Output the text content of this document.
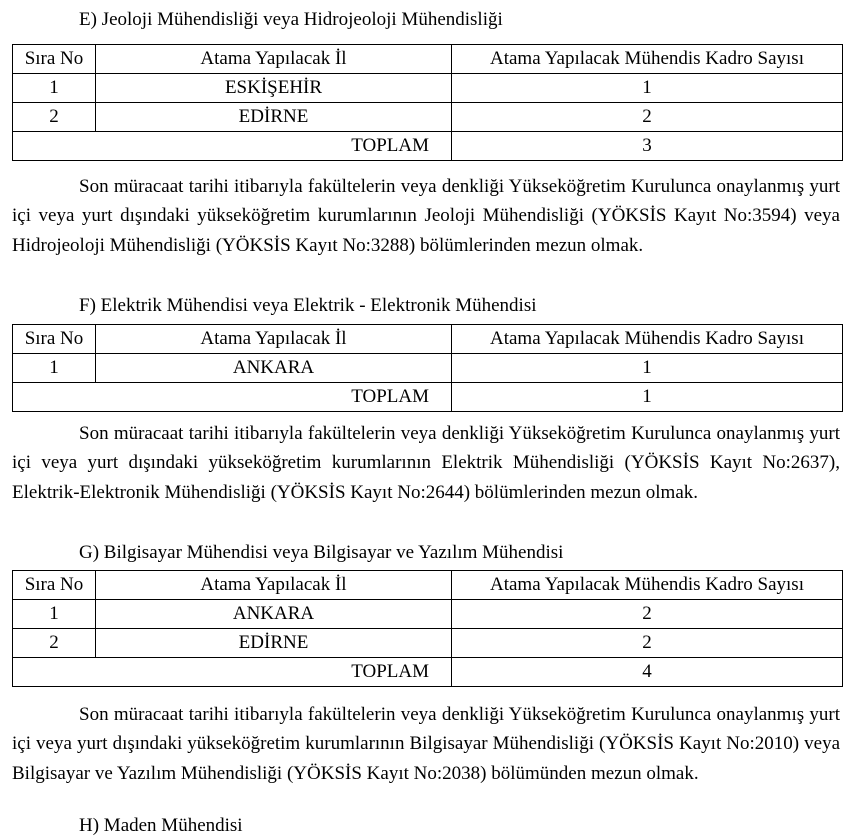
E) Jeoloji Mühendisliği veya Hidrojeoloji Mühendisliği

Sıra No	Atama Yapılacak İl	Atama Yapılacak Mühendis Kadro Sayısı
1	ESKİŞEHİR	1
2	EDİRNE	2
TOPLAM		3

Son müracaat tarihi itibarıyla fakültelerin veya denkliği Yükseköğretim Kurulunca onaylanmış yurt içi veya yurt dışındaki yükseköğretim kurumlarının Jeoloji Mühendisliği (YÖKSİS Kayıt No:3594) veya Hidrojeoloji Mühendisliği (YÖKSİS Kayıt No:3288) bölümlerinden mezun olmak.

F) Elektrik Mühendisi veya Elektrik - Elektronik Mühendisi

Sıra No	Atama Yapılacak İl	Atama Yapılacak Mühendis Kadro Sayısı
1	ANKARA	1
TOPLAM		1

Son müracaat tarihi itibarıyla fakültelerin veya denkliği Yükseköğretim Kurulunca onaylanmış yurt içi veya yurt dışındaki yükseköğretim kurumlarının Elektrik Mühendisliği (YÖKSİS Kayıt No:2637), Elektrik-Elektronik Mühendisliği (YÖKSİS Kayıt No:2644) bölümlerinden mezun olmak.

G) Bilgisayar Mühendisi veya Bilgisayar ve Yazılım Mühendisi

Sıra No	Atama Yapılacak İl	Atama Yapılacak Mühendis Kadro Sayısı
1	ANKARA	2
2	EDİRNE	2
TOPLAM		4

Son müracaat tarihi itibarıyla fakültelerin veya denkliği Yükseköğretim Kurulunca onaylanmış yurt içi veya yurt dışındaki yükseköğretim kurumlarının Bilgisayar Mühendisliği (YÖKSİS Kayıt No:2010) veya Bilgisayar ve Yazılım Mühendisliği (YÖKSİS Kayıt No:2038) bölümünden mezun olmak.

H) Maden Mühendisi
